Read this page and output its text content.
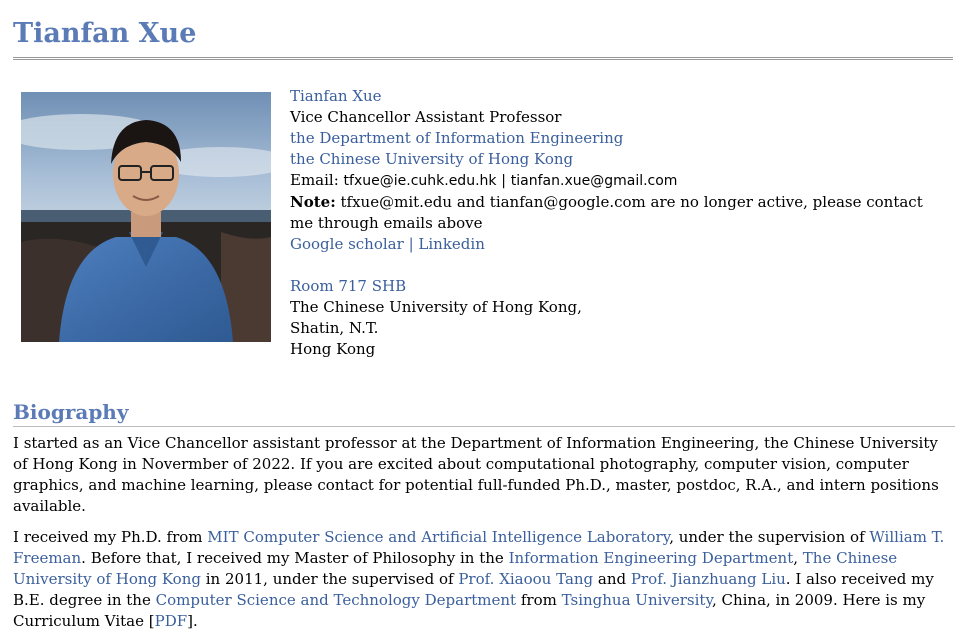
Tianfan Xue
Tianfan Xue
Vice Chancellor Assistant Professor
the Department of Information Engineering
the Chinese University of Hong Kong
Email: tfxue@ie.cuhk.edu.hk | tianfan.xue@gmail.com
Note: tfxue@mit.edu and tianfan@google.com are no longer active, please contact me through emails above
Google scholar | Linkedin
Room 717 SHB
The Chinese University of Hong Kong,
Shatin, N.T.
Hong Kong
Biography

I started as an Vice Chancellor assistant professor at the Department of Information Engineering, the Chinese University of Hong Kong in Novermber of 2022. If you are excited about computational photography, computer vision, computer graphics, and machine learning, please contact for potential full-funded Ph.D., master, postdoc, R.A., and intern positions available.

I received my Ph.D. from MIT Computer Science and Artificial Intelligence Laboratory, under the supervision of William T. Freeman. Before that, I received my Master of Philosophy in the Information Engineering Department, The Chinese University of Hong Kong in 2011, under the supervised of Prof. Xiaoou Tang and Prof. Jianzhuang Liu. I also received my B.E. degree in the Computer Science and Technology Department from Tsinghua University, China, in 2009. Here is my Curriculum Vitae [PDF].
